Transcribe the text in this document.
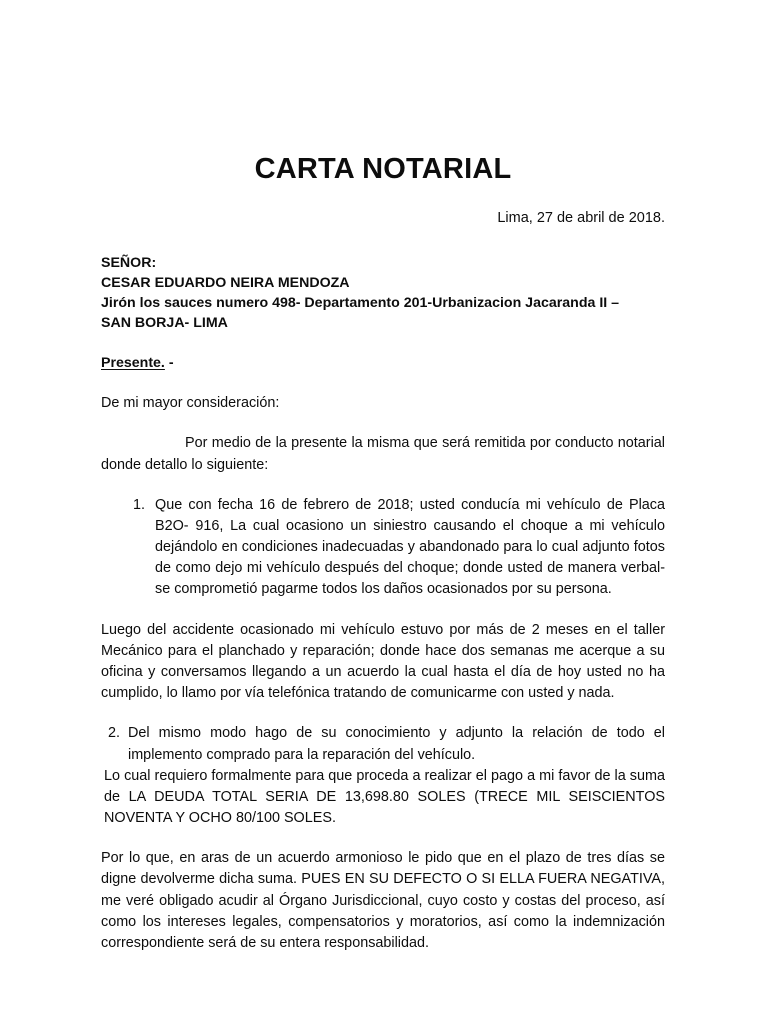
CARTA NOTARIAL

Lima, 27 de abril de 2018.

SEÑOR:
CESAR EDUARDO NEIRA MENDOZA
Jirón los sauces numero 498- Departamento 201-Urbanizacion Jacaranda II –
SAN BORJA- LIMA

Presente. -

De mi mayor consideración:

Por medio de la presente la misma que será remitida por conducto notarial donde detallo lo siguiente:

1. Que con fecha 16 de febrero de 2018; usted conducía mi vehículo de Placa B2O- 916, La cual ocasiono un siniestro causando el choque a mi vehículo dejándolo en condiciones inadecuadas y abandonado para lo cual adjunto fotos de como dejo mi vehículo después del choque; donde usted de manera verbal- se comprometió pagarme todos los daños ocasionados por su persona.

Luego del accidente ocasionado mi vehículo estuvo por más de 2 meses en el taller Mecánico para el planchado y reparación; donde hace dos semanas me acerque a su oficina y conversamos llegando a un acuerdo la cual hasta el día de hoy usted no ha cumplido, lo llamo por vía telefónica tratando de comunicarme con usted y nada.

2. Del mismo modo hago de su conocimiento y adjunto la relación de todo el implemento comprado para la reparación del vehículo.

Lo cual requiero formalmente para que proceda a realizar el pago a mi favor de la suma de LA DEUDA TOTAL SERIA DE 13,698.80 SOLES (TRECE MIL SEISCIENTOS NOVENTA Y OCHO 80/100 SOLES.

Por lo que, en aras de un acuerdo armonioso le pido que en el plazo de tres días se digne devolverme dicha suma. PUES EN SU DEFECTO O SI ELLA FUERA NEGATIVA, me veré obligado acudir al Órgano Jurisdiccional, cuyo costo y costas del proceso, así como los intereses legales, compensatorios y moratorios, así como la indemnización correspondiente será de su entera responsabilidad.
